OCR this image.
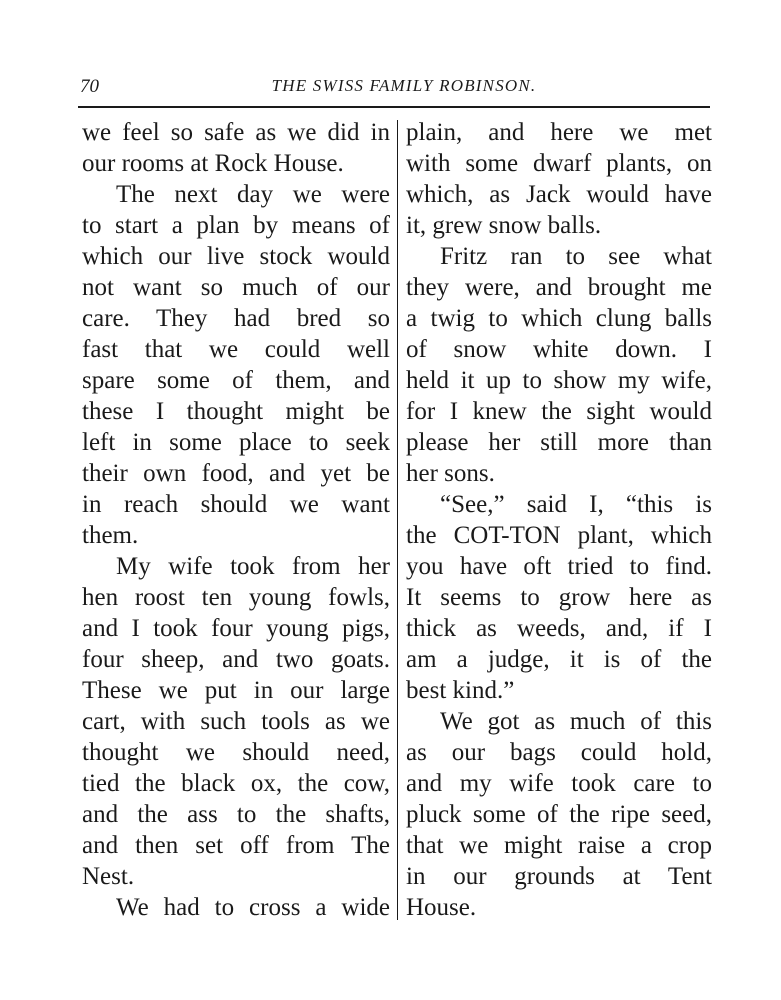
70	THE SWISS FAMILY ROBINSON.
we feel so safe as we did in
our rooms at Rock House.
The next day we were
to start a plan by means of
which our live stock would
not want so much of our
care. They had bred so
fast that we could well
spare some of them, and
these I thought might be
left in some place to seek
their own food, and yet be
in reach should we want
them.
My wife took from her
hen roost ten young fowls,
and I took four young pigs,
four sheep, and two goats.
These we put in our large
cart, with such tools as we
thought we should need,
tied the black ox, the cow,
and the ass to the shafts,
and then set off from The
Nest.
We had to cross a wide
plain, and here we met
with some dwarf plants, on
which, as Jack would have
it, grew snow balls.
Fritz ran to see what
they were, and brought me
a twig to which clung balls
of snow white down. I
held it up to show my wife,
for I knew the sight would
please her still more than
her sons.
“See,” said I, “this is
the COT-TON plant, which
you have oft tried to find.
It seems to grow here as
thick as weeds, and, if I
am a judge, it is of the
best kind.”
We got as much of this
as our bags could hold,
and my wife took care to
pluck some of the ripe seed,
that we might raise a crop
in our grounds at Tent
House.
